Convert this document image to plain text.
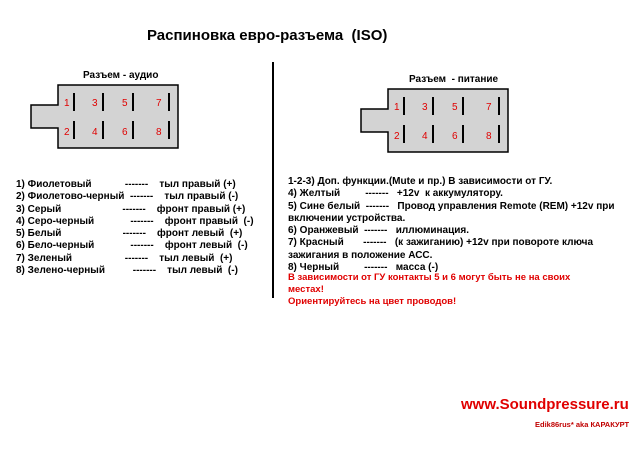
Распиновка евро-разъема  (ISO)
Разъем - аудио
1 3 5	7
2 4 6	8
Разъем  - питание
1 3 5	7
2 4 6	8
1) Фиолетовый            -------    тыл правый (+)
2) Фиолетово-черный  -------    тыл правый (-)
3) Серый                      -------    фронт правый (+)
4) Серо-черный             -------    фронт правый  (-)
5) Белый                      -------    фронт левый  (+)
6) Бело-черный             -------    фронт левый  (-)
7) Зеленый                   -------    тыл левый  (+)
8) Зелено-черный          -------    тыл левый  (-)
1-2-3) Доп. функции.(Mute и пр.) В зависимости от ГУ.
4) Желтый         -------   +12v  к аккумулятору.
5) Сине белый  -------   Провод управления Remote (REM) +12v при
включении устройства.
6) Оранжевый  -------   иллюминация.
7) Красный       -------   (к зажиганию) +12v при повороте ключа
зажигания в положение АСС.
8) Черный         -------   масса (-)
В зависимости от ГУ контакты 5 и 6 могут быть не на своих местах!
Ориентируйтесь на цвет проводов!
www.Soundpressure.ru
Edik86rus* aka КАРАКУРТ
